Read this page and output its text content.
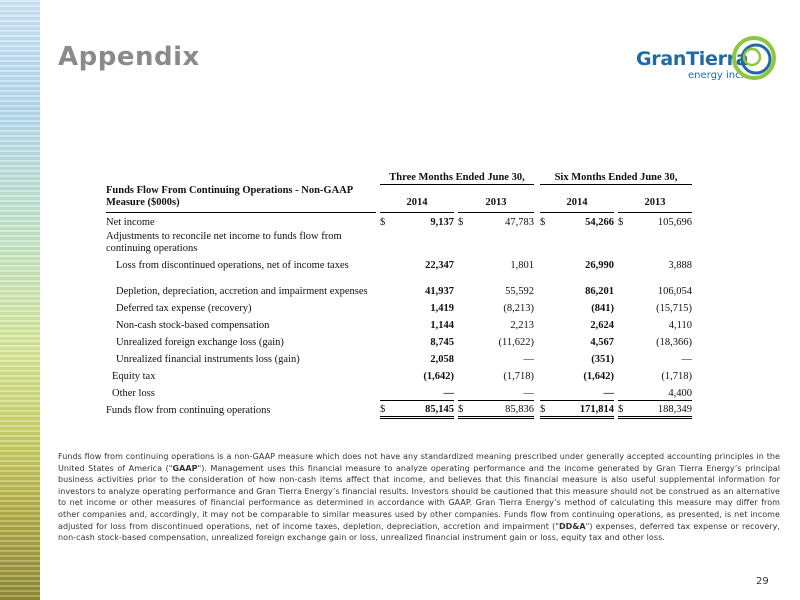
Appendix	GranTierra
energy inc.
		Three Months Ended June 30,						Six Months Ended June 30,				
Funds Flow From Continuing Operations - Non-GAAP Measure ($000s)		2014			2013			2014			2013	
Net income		$	9,137		$	47,783		$	54,266		$	105,696
Adjustments to reconcile net income to funds flow from continuing operations												
Loss from discontinued operations, net of income taxes			22,347			1,801			26,990			3,888
Depletion, depreciation, accretion and impairment expenses			41,937			55,592			86,201			106,054
Deferred tax expense (recovery)			1,419			(8,213)			(841)			(15,715)
Non-cash stock-based compensation			1,144			2,213			2,624			4,110
Unrealized foreign exchange loss (gain)			8,745			(11,622)			4,567			(18,366)
Unrealized financial instruments loss (gain)			2,058			—			(351)			—
Equity tax			(1,642)			(1,718)			(1,642)			(1,718)
Other loss			—			—			—			4,400
Funds flow from continuing operations		$	85,145		$	85,836		$	171,814		$	188,349

Funds flow from continuing operations is a non-GAAP measure which does not have any standardized meaning prescribed under generally accepted accounting principles in the United States of America ("GAAP"). Management uses this financial measure to analyze operating performance and the income generated by Gran Tierra Energy’s principal business activities prior to the consideration of how non-cash items affect that income, and believes that this financial measure is also useful supplemental information for investors to analyze operating performance and Gran Tierra Energy’s financial results. Investors should be cautioned that this measure should not be construed as an alternative to net income or other measures of financial performance as determined in accordance with GAAP. Gran Tierra Energy’s method of calculating this measure may differ from other companies and, accordingly, it may not be comparable to similar measures used by other companies. Funds flow from continuing operations, as presented, is net income adjusted for loss from discontinued operations, net of income taxes, depletion, depreciation, accretion and impairment ("DD&A") expenses, deferred tax expense or recovery, non-cash stock-based compensation, unrealized foreign exchange gain or loss, unrealized financial instrument gain or loss, equity tax and other loss.

29
